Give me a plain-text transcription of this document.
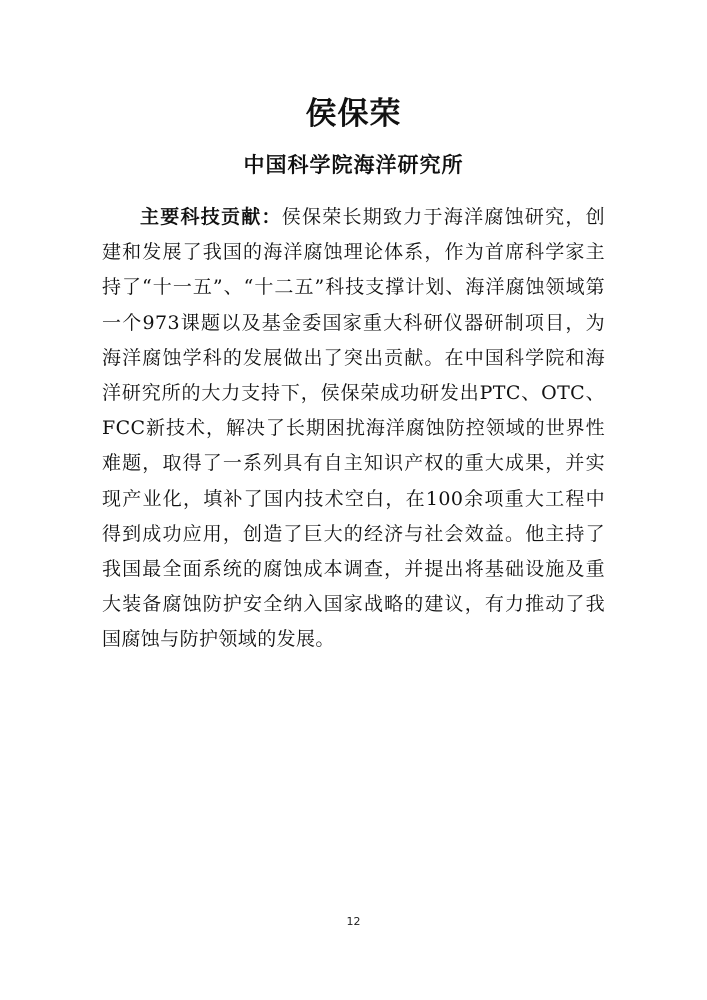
侯保荣
中国科学院海洋研究所
主要科技贡献：侯保荣长期致力于海洋腐蚀研究，创建和发展了我国的海洋腐蚀理论体系，作为首席科学家主持了“十一五”、“十二五”科技支撑计划、海洋腐蚀领域第一个973课题以及基金委国家重大科研仪器研制项目，为海洋腐蚀学科的发展做出了突出贡献。在中国科学院和海洋研究所的大力支持下，侯保荣成功研发出PTC、OTC、FCC新技术，解决了长期困扰海洋腐蚀防控领域的世界性难题，取得了一系列具有自主知识产权的重大成果，并实现产业化，填补了国内技术空白，在100余项重大工程中得到成功应用，创造了巨大的经济与社会效益。他主持了我国最全面系统的腐蚀成本调查，并提出将基础设施及重大装备腐蚀防护安全纳入国家战略的建议，有力推动了我国腐蚀与防护领域的发展。
12
